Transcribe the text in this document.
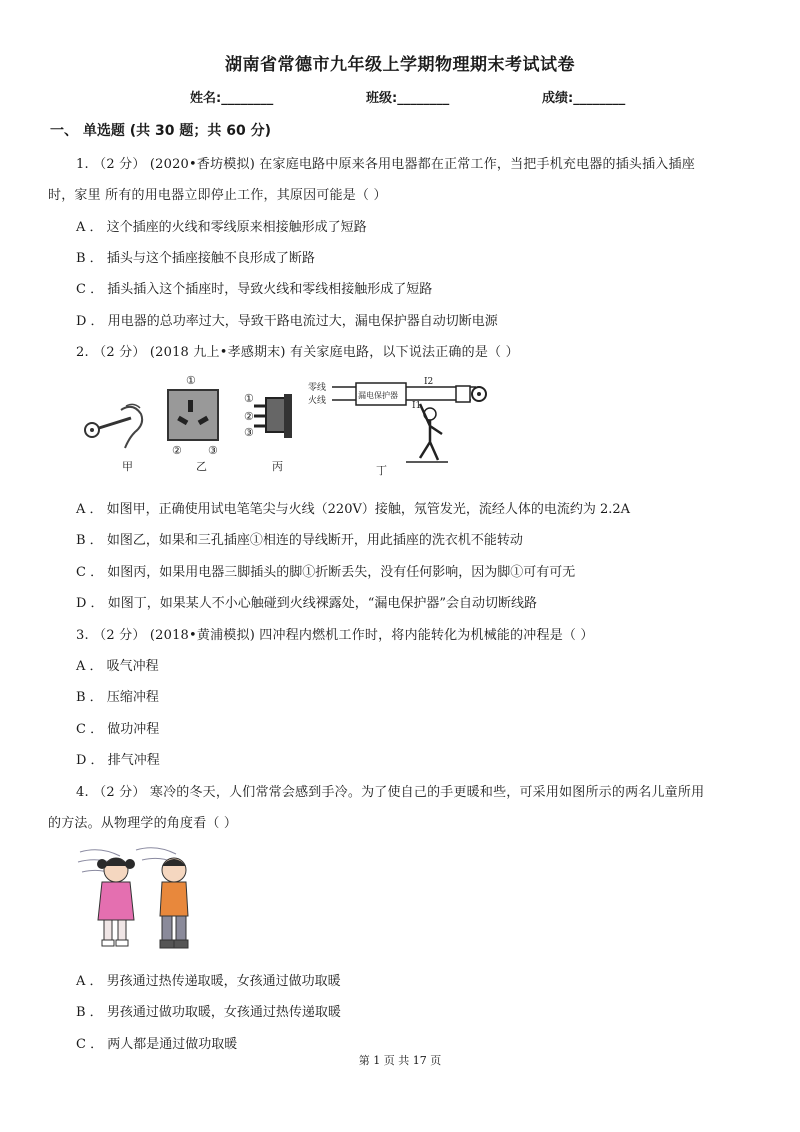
湖南省常德市九年级上学期物理期末考试试卷
姓名:________	班级:________	成绩:________
一、 单选题 (共 30 题；共 60 分)
1. （2 分） (2020•香坊模拟) 在家庭电路中原来各用电器都在正常工作，当把手机充电器的插头插入插座
时，家里 所有的用电器立即停止工作，其原因可能是（ ）
A ． 这个插座的火线和零线原来相接触形成了短路
B ． 插头与这个插座接触不良形成了断路
C ． 插头插入这个插座时，导致火线和零线相接触形成了短路
D ． 用电器的总功率过大，导致干路电流过大，漏电保护器自动切断电源
2. （2 分） (2018 九上•孝感期末) 有关家庭电路，以下说法正确的是（ ）
甲
①
② ③
乙
①
②
③
丙
零线
火线
漏电保护器
I2
I1
丁
A ． 如图甲，正确使用试电笔笔尖与火线（220V）接触，氖管发光，流经人体的电流约为 2.2A
B ． 如图乙，如果和三孔插座①相连的导线断开，用此插座的洗衣机不能转动
C ． 如图丙，如果用电器三脚插头的脚①折断丢失，没有任何影响，因为脚①可有可无
D ． 如图丁，如果某人不小心触碰到火线裸露处，“漏电保护器”会自动切断线路
3. （2 分） (2018•黄浦模拟) 四冲程内燃机工作时，将内能转化为机械能的冲程是（ ）
A ． 吸气冲程
B ． 压缩冲程
C ． 做功冲程
D ． 排气冲程
4. （2 分） 寒冷的冬天，人们常常会感到手冷。为了使自己的手更暖和些，可采用如图所示的两名儿童所用
的方法。从物理学的角度看（ ）
A ． 男孩通过热传递取暖，女孩通过做功取暖
B ． 男孩通过做功取暖，女孩通过热传递取暖
C ． 两人都是通过做功取暖
第 1 页 共 17 页
